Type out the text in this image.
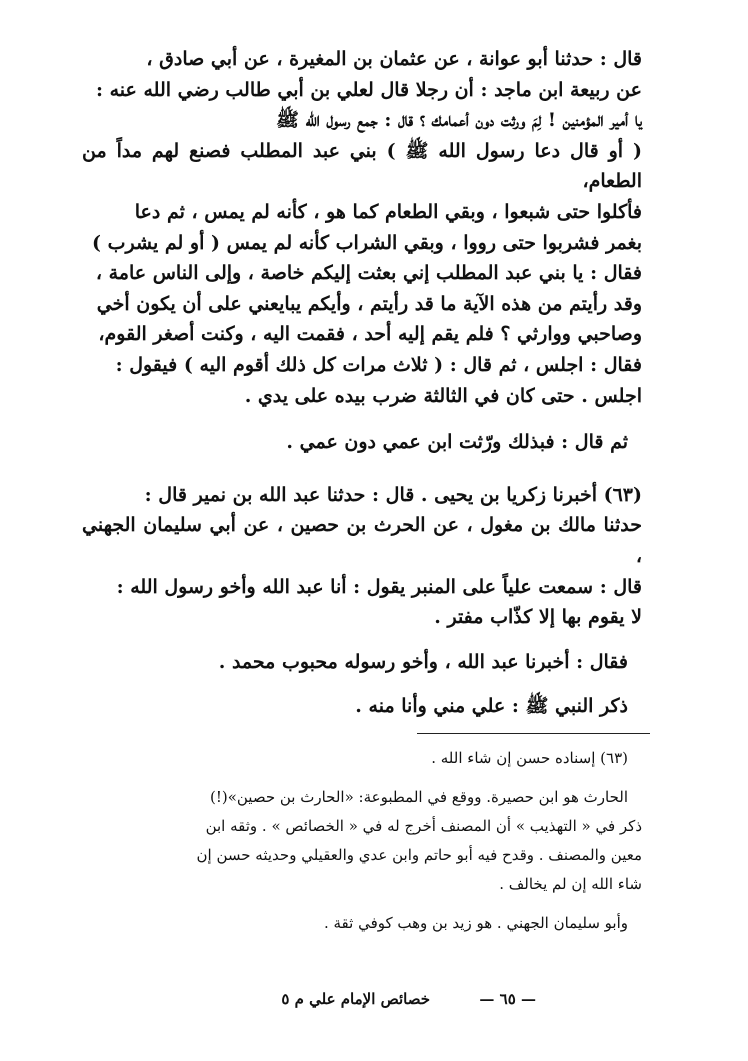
قال : حدثنا أبو عوانة ، عن عثمان بن المغيرة ، عن أبي صادق ،

عن ربيعة ابن ماجد : أن رجلا قال لعلي بن أبي طالب رضي الله عنه :

يا أمير المؤمنين ! لِمَ ورثت دون أعمامك ؟ قال : جمع رسول الله ﷺ

( أو قال دعا رسول الله ﷺ ) بني عبد المطلب فصنع لهم مداً من الطعام،

فأكلوا حتى شبعوا ، وبقي الطعام كما هو ، كأنه لم يمس ، ثم دعا

بغمر فشربوا حتى رووا ، وبقي الشراب كأنه لم يمس ( أو لم يشرب )

فقال : يا بني عبد المطلب إني بعثت إليكم خاصة ، وإلى الناس عامة ،

وقد رأيتم من هذه الآية ما قد رأيتم ، وأيكم يبايعني على أن يكون أخي

وصاحبي ووارثي ؟ فلم يقم إليه أحد ، فقمت اليه ، وكنت أصغر القوم،

فقال : اجلس ، ثم قال : ( ثلاث مرات كل ذلك أقوم اليه ) فيقول :

اجلس . حتى كان في الثالثة ضرب بيده على يدي .

ثم قال : فبذلك ورّثت ابن عمي دون عمي .

(٦٣) أخبرنا زكريا بن يحيى . قال : حدثنا عبد الله بن نمير قال :

حدثنا مالك بن مغول ، عن الحرث بن حصين ، عن أبي سليمان الجهني ،

قال : سمعت علياً على المنبر يقول : أنا عبد الله وأخو رسول الله :

لا يقوم بها إلا كذّاب مفتر .

فقال : أخبرنا عبد الله ، وأخو رسوله محبوب محمد .

ذكر النبي ﷺ : علي مني وأنا منه .

(٦٣) إسناده حسن إن شاء الله .

الحارث هو ابن حصيرة. ووقع في المطبوعة: «الحارث بن حصين»(!)

ذكر في « التهذيب » أن المصنف أخرج له في « الخصائص » . وثقه ابن

معين والمصنف . وقدح فيه أبو حاتم وابن عدي والعقيلي وحديثه حسن إن

شاء الله إن لم يخالف .

وأبو سليمان الجهني . هو زيد بن وهب كوفي ثقة .

خصائص الإمام علي م ٥	— ٦٥ —
